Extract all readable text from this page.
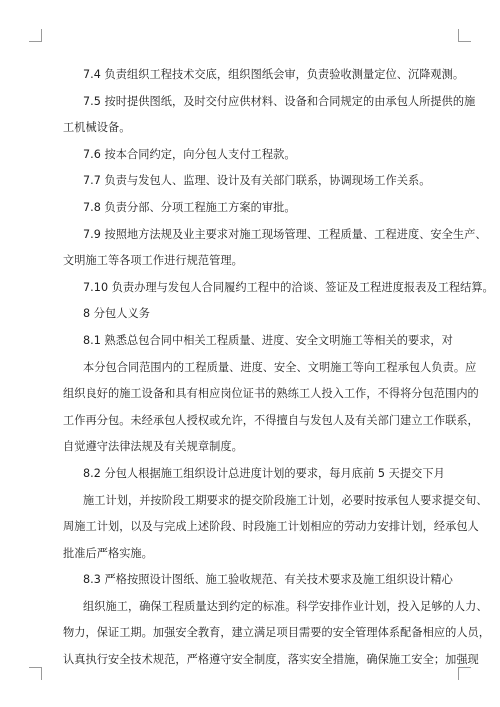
7.4 负责组织工程技术交底，组织图纸会审，负责验收测量定位、沉降观测。
7.5 按时提供图纸，及时交付应供材料、设备和合同规定的由承包人所提供的施
工机械设备。
7.6 按本合同约定，向分包人支付工程款。
7.7 负责与发包人、监理、设计及有关部门联系，协调现场工作关系。
7.8 负责分部、分项工程施工方案的审批。
7.9 按照地方法规及业主要求对施工现场管理、工程质量、工程进度、安全生产、
文明施工等各项工作进行规范管理。
7.10 负责办理与发包人合同履约工程中的洽谈、签证及工程进度报表及工程结算。
8 分包人义务
8.1 熟悉总包合同中相关工程质量、进度、安全文明施工等相关的要求，对
本分包合同范围内的工程质量、进度、安全、文明施工等向工程承包人负责。应
组织良好的施工设备和具有相应岗位证书的熟练工人投入工作，不得将分包范围内的
工作再分包。未经承包人授权或允许，不得擅自与发包人及有关部门建立工作联系，
自觉遵守法律法规及有关规章制度。
8.2 分包人根据施工组织设计总进度计划的要求，每月底前 5 天提交下月
施工计划，并按阶段工期要求的提交阶段施工计划，必要时按承包人要求提交旬、
周施工计划，以及与完成上述阶段、时段施工计划相应的劳动力安排计划，经承包人
批准后严格实施。
8.3 严格按照设计图纸、施工验收规范、有关技术要求及施工组织设计精心
组织施工，确保工程质量达到约定的标准。科学安排作业计划，投入足够的人力、
物力，保证工期。加强安全教育，建立满足项目需要的安全管理体系配备相应的人员，
认真执行安全技术规范，严格遵守安全制度，落实安全措施，确保施工安全；加强现
